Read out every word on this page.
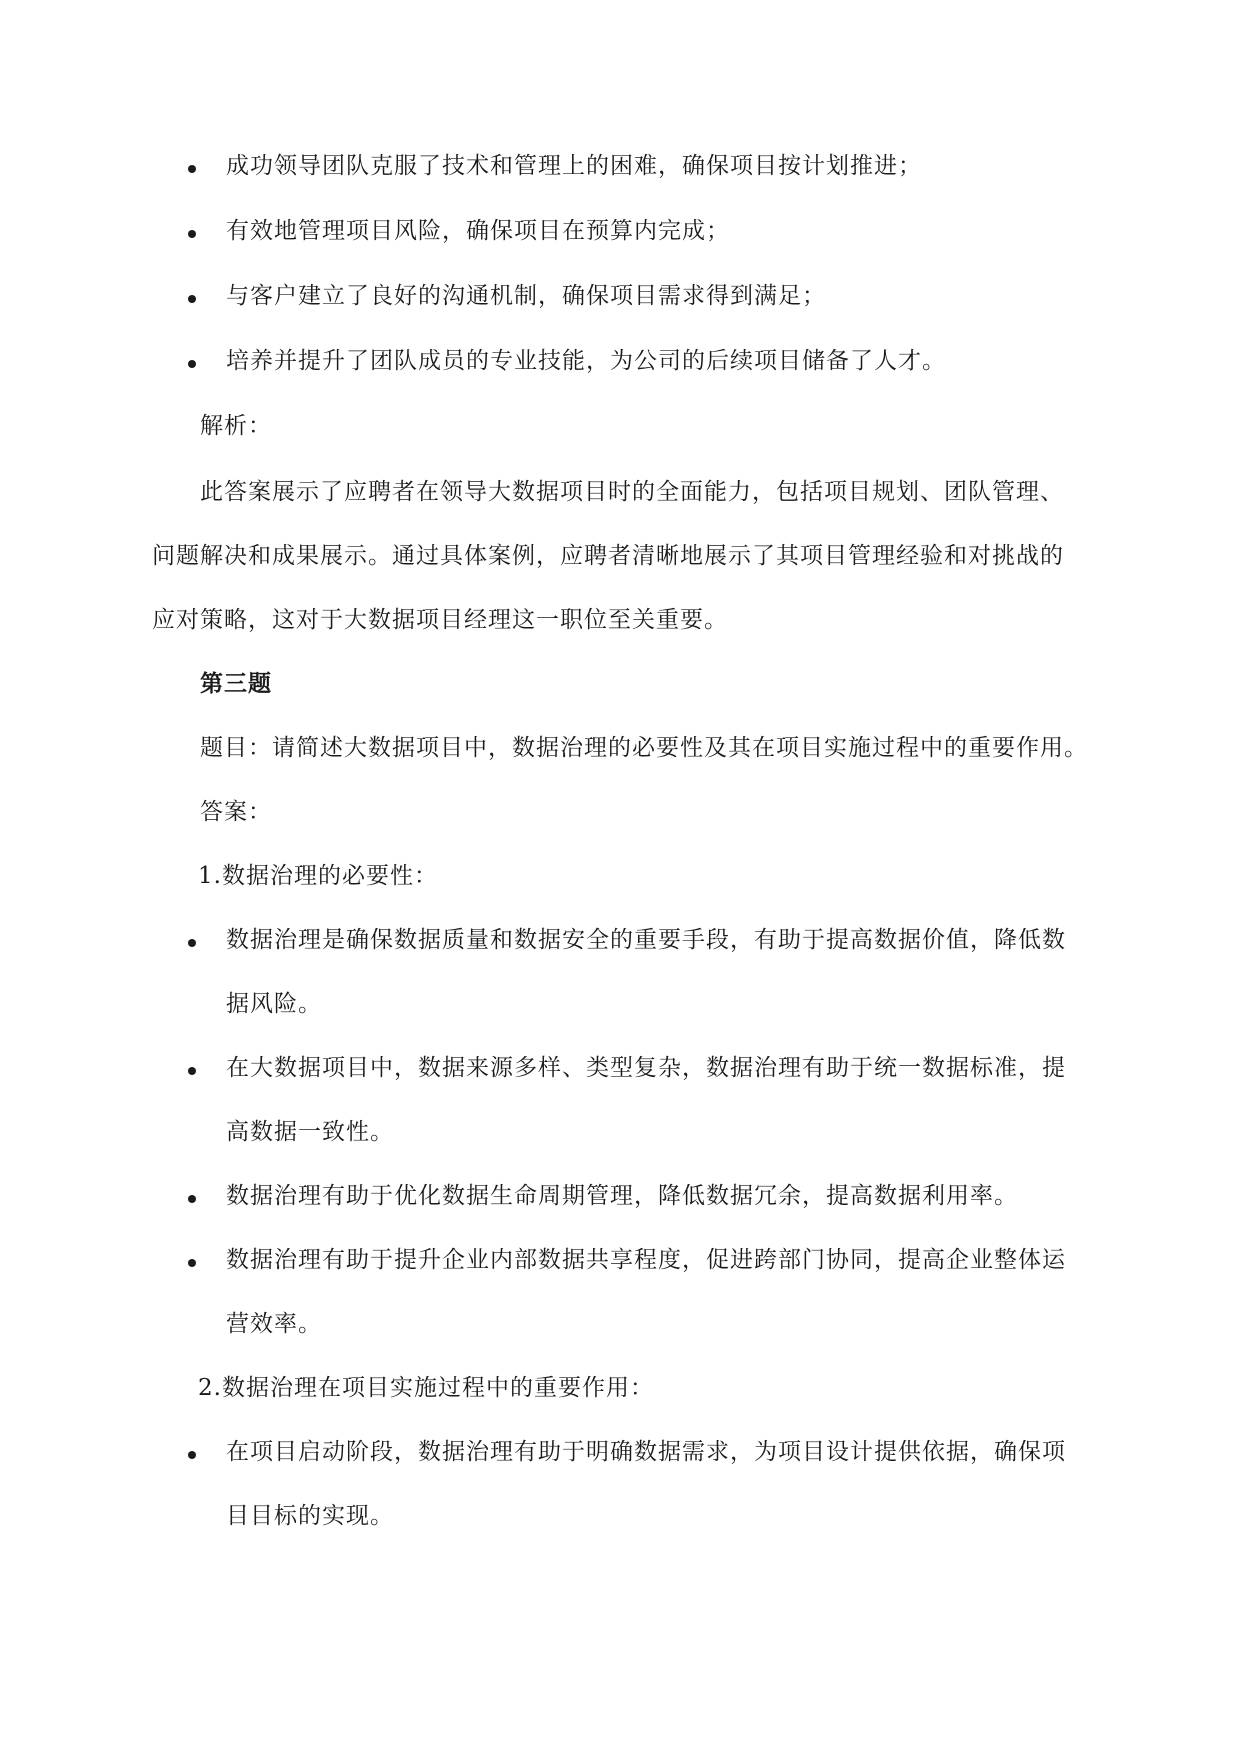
成功领导团队克服了技术和管理上的困难，确保项目按计划推进；
有效地管理项目风险，确保项目在预算内完成；
与客户建立了良好的沟通机制，确保项目需求得到满足；
培养并提升了团队成员的专业技能，为公司的后续项目储备了人才。
解析：
此答案展示了应聘者在领导大数据项目时的全面能力，包括项目规划、团队管理、
问题解决和成果展示。通过具体案例，应聘者清晰地展示了其项目管理经验和对挑战的
应对策略，这对于大数据项目经理这一职位至关重要。
第三题
题目：请简述大数据项目中，数据治理的必要性及其在项目实施过程中的重要作用。
答案：
1.数据治理的必要性：
数据治理是确保数据质量和数据安全的重要手段，有助于提高数据价值，降低数
据风险。
在大数据项目中，数据来源多样、类型复杂，数据治理有助于统一数据标准，提
高数据一致性。
数据治理有助于优化数据生命周期管理，降低数据冗余，提高数据利用率。
数据治理有助于提升企业内部数据共享程度，促进跨部门协同，提高企业整体运
营效率。
2.数据治理在项目实施过程中的重要作用：
在项目启动阶段，数据治理有助于明确数据需求，为项目设计提供依据，确保项
目目标的实现。
